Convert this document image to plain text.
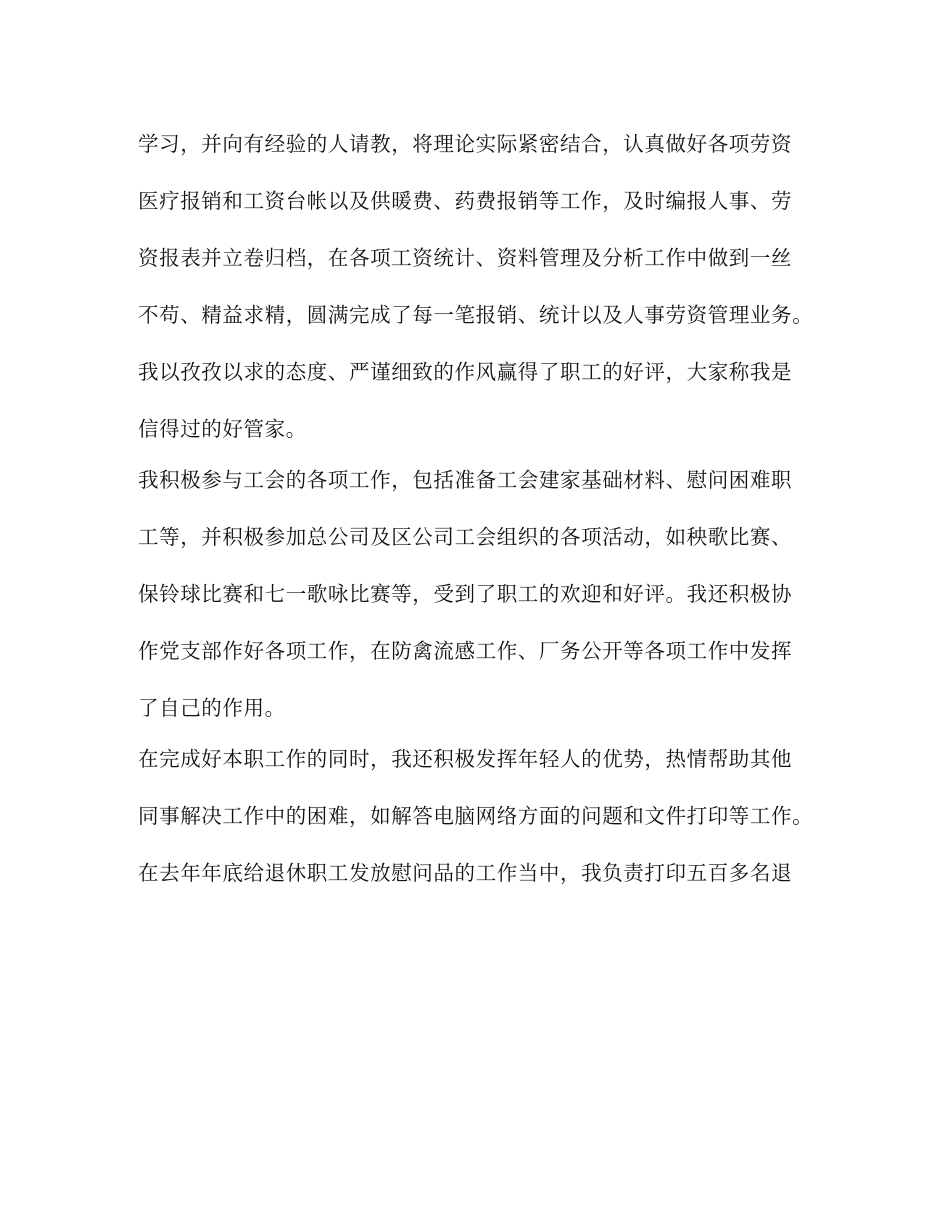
学习，并向有经验的人请教，将理论实际紧密结合，认真做好各项劳资
医疗报销和工资台帐以及供暖费、药费报销等工作，及时编报人事、劳
资报表并立卷归档，在各项工资统计、资料管理及分析工作中做到一丝
不苟、精益求精，圆满完成了每一笔报销、统计以及人事劳资管理业务。
我以孜孜以求的态度、严谨细致的作风赢得了职工的好评，大家称我是
信得过的好管家。
我积极参与工会的各项工作，包括准备工会建家基础材料、慰问困难职
工等，并积极参加总公司及区公司工会组织的各项活动，如秧歌比赛、
保铃球比赛和七一歌咏比赛等，受到了职工的欢迎和好评。我还积极协
作党支部作好各项工作，在防禽流感工作、厂务公开等各项工作中发挥
了自己的作用。
在完成好本职工作的同时，我还积极发挥年轻人的优势，热情帮助其他
同事解决工作中的困难，如解答电脑网络方面的问题和文件打印等工作。
在去年年底给退休职工发放慰问品的工作当中，我负责打印五百多名退
